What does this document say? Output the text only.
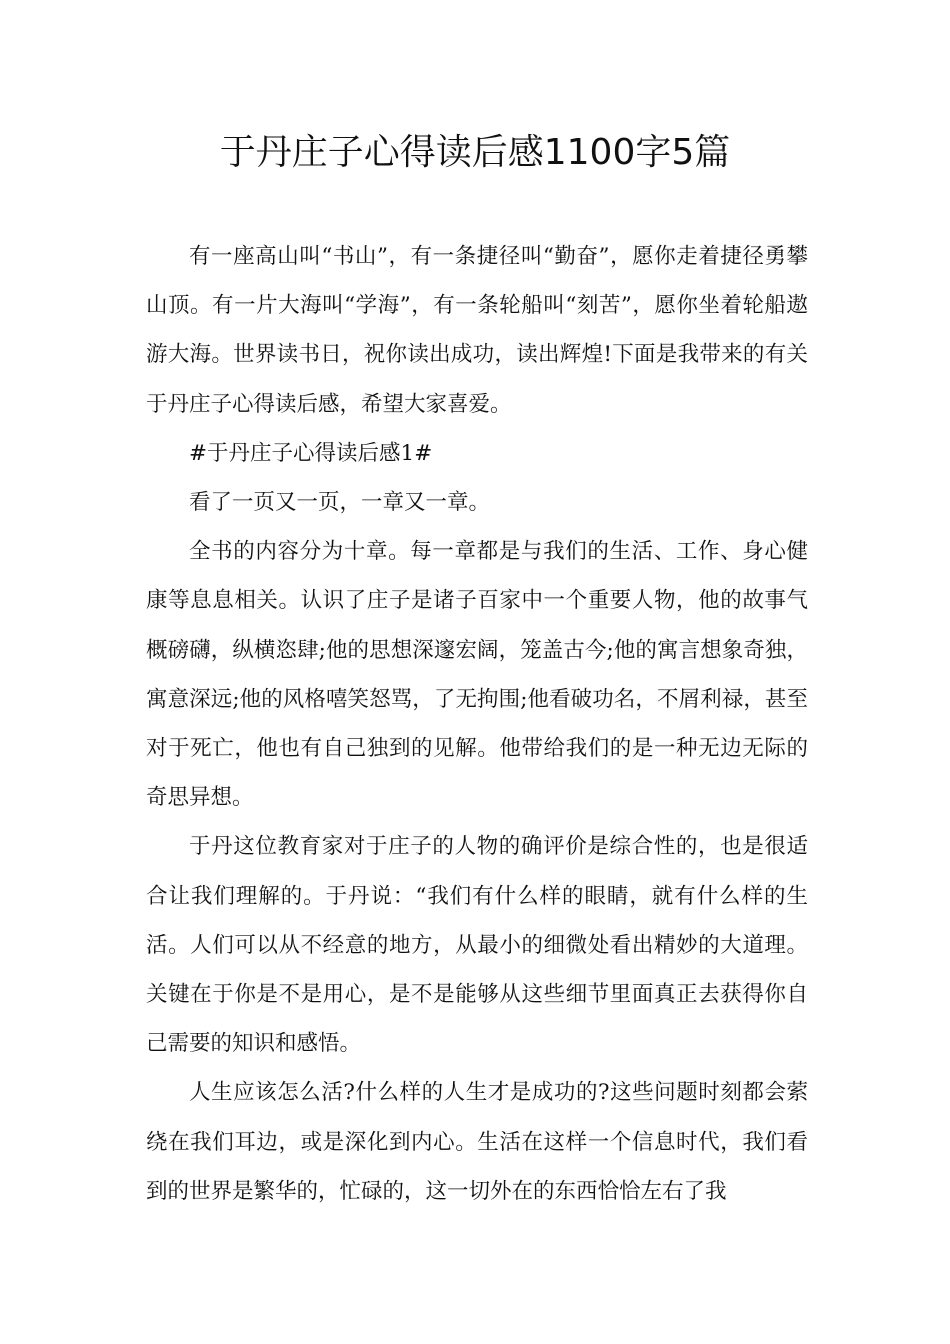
于丹庄子心得读后感1100字5篇

有一座高山叫“书山”，有一条捷径叫“勤奋”，愿你走着捷径勇攀山顶。有一片大海叫“学海”，有一条轮船叫“刻苦”，愿你坐着轮船遨游大海。世界读书日，祝你读出成功，读出辉煌!下面是我带来的有关于丹庄子心得读后感，希望大家喜爱。

#于丹庄子心得读后感1#

看了一页又一页，一章又一章。

全书的内容分为十章。每一章都是与我们的生活、工作、身心健康等息息相关。认识了庄子是诸子百家中一个重要人物，他的故事气概磅礴，纵横恣肆;他的思想深邃宏阔，笼盖古今;他的寓言想象奇独，寓意深远;他的风格嘻笑怒骂，了无拘围;他看破功名，不屑利禄，甚至对于死亡，他也有自己独到的见解。他带给我们的是一种无边无际的奇思异想。

于丹这位教育家对于庄子的人物的确评价是综合性的，也是很适合让我们理解的。于丹说：“我们有什么样的眼睛，就有什么样的生活。人们可以从不经意的地方，从最小的细微处看出精妙的大道理。关键在于你是不是用心，是不是能够从这些细节里面真正去获得你自己需要的知识和感悟。

人生应该怎么活?什么样的人生才是成功的?这些问题时刻都会萦绕在我们耳边，或是深化到内心。生活在这样一个信息时代，我们看到的世界是繁华的，忙碌的，这一切外在的东西恰恰左右了我
